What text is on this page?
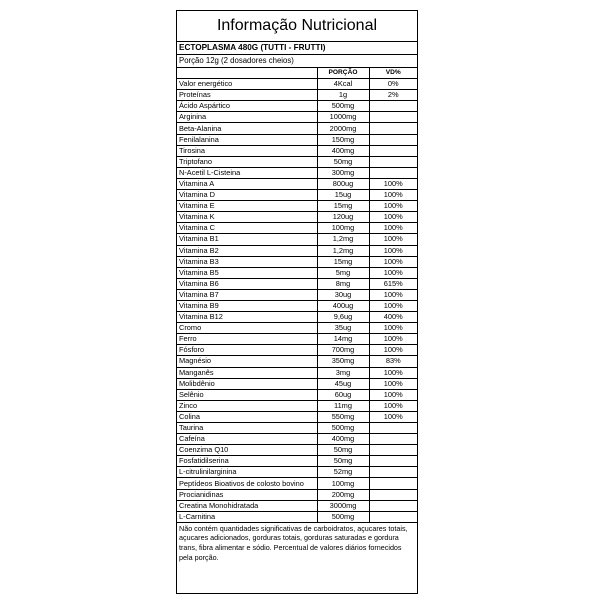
Informação Nutricional
ECTOPLASMA 480G (TUTTI - FRUTTI)
Porção 12g (2 dosadores cheios)
	PORÇÃO	VD%
Valor energético	4Kcal	0%
Proteínas	1g	2%
Ácido Aspártico	500mg	
Arginina	1000mg	
Beta-Alanina	2000mg	
Fenilalanina	150mg	
Tirosina	400mg	
Triptofano	50mg	
N-Acetil L-Cisteina	300mg	
Vitamina A	800ug	100%
Vitamina D	15ug	100%
Vitamina E	15mg	100%
Vitamina K	120ug	100%
Vitamina C	100mg	100%
Vitamina B1	1,2mg	100%
Vitamina B2	1,2mg	100%
Vitamina B3	15mg	100%
Vitamina B5	5mg	100%
Vitamina B6	8mg	615%
Vitamina B7	30ug	100%
Vitamina B9	400ug	100%
Vitamina B12	9,6ug	400%
Cromo	35ug	100%
Ferro	14mg	100%
Fósforo	700mg	100%
Magnésio	350mg	83%
Manganês	3mg	100%
Molibdênio	45ug	100%
Selênio	60ug	100%
Zinco	11mg	100%
Colina	550mg	100%
Taurina	500mg	
Cafeína	400mg	
Coenzima Q10	50mg	
Fosfatidilserina	50mg	
L-citrulinilarginina	52mg	
Peptídeos Bioativos de colosto bovino	100mg	
Procianidinas	200mg	
Creatina Monohidratada	3000mg	
L-Carnitina	500mg	
Não contém quantidades significativas de carboidratos, açucares totais, açucares adicionados, gorduras totais, gorduras saturadas e gordura trans, fibra alimentar e sódio. Percentual de valores diários fornecidos pela porção.
